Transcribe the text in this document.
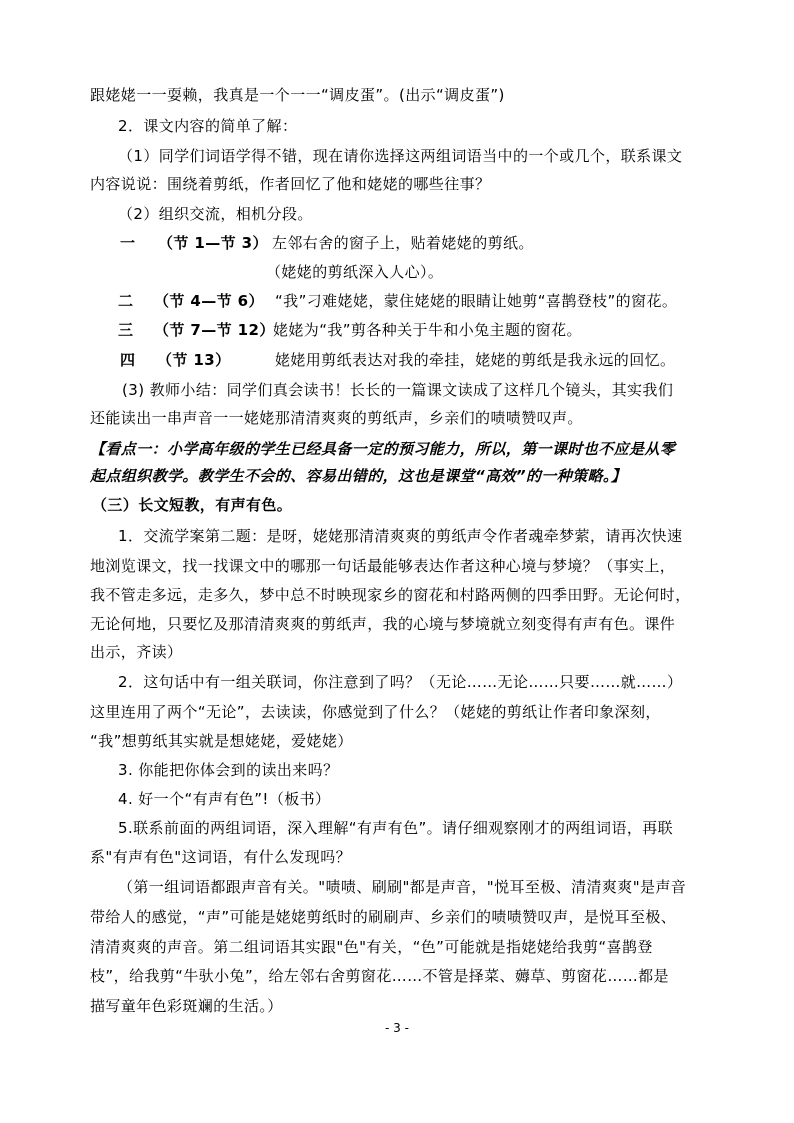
跟姥姥一一耍赖，我真是一个一一“调皮蛋”。(出示“调皮蛋”)
2．课文内容的简单了解：
（1）同学们词语学得不错，现在请你选择这两组词语当中的一个或几个，联系课文
内容说说：围绕着剪纸，作者回忆了他和姥姥的哪些往事？
（2）组织交流，相机分段。
一 （节 1—节 3） 左邻右舍的窗子上，贴着姥姥的剪纸。
（姥姥的剪纸深入人心）。
二 （节 4—节 6） “我”刁难姥姥，蒙住姥姥的眼睛让她剪“喜鹊登枝”的窗花。
三 （节 7—节 12）
姥姥为“我”剪各种关于牛和小兔主题的窗花。
四 （节 13）	姥姥用剪纸表达对我的牵挂，姥姥的剪纸是我永远的回忆。
(3) 教师小结：同学们真会读书！长长的一篇课文读成了这样几个镜头，其实我们
还能读出一串声音一一姥姥那清清爽爽的剪纸声，乡亲们的啧啧赞叹声。
【看点一：小学高年级的学生已经具备一定的预习能力，所以，第一课时也不应是从零
起点组织教学。教学生不会的、容易出错的，这也是课堂“高效”的一种策略。】
（三）长文短教，有声有色。
1．交流学案第二题：是呀，姥姥那清清爽爽的剪纸声令作者魂牵梦萦，请再次快速
地浏览课文，找一找课文中的哪那一句话最能够表达作者这种心境与梦境？（事实上，
我不管走多远，走多久，梦中总不时映现家乡的窗花和村路两侧的四季田野。无论何时，
无论何地，只要忆及那清清爽爽的剪纸声，我的心境与梦境就立刻变得有声有色。课件
出示，齐读）
2．这句话中有一组关联词，你注意到了吗？（无论……无论……只要……就……）
这里连用了两个“无论”，去读读，你感觉到了什么？（姥姥的剪纸让作者印象深刻，
“我”想剪纸其实就是想姥姥，爱姥姥）
3. 你能把你体会到的读出来吗？
4. 好一个“有声有色”!（板书）
5.联系前面的两组词语，深入理解“有声有色”。请仔细观察刚才的两组词语，再联
系"有声有色"这词语，有什么发现吗？
（第一组词语都跟声音有关。"啧啧、刷刷"都是声音，"悦耳至极、清清爽爽"是声音
带给人的感觉，“声”可能是姥姥剪纸时的刷刷声、乡亲们的啧啧赞叹声，是悦耳至极、
清清爽爽的声音。第二组词语其实跟"色"有关，“色”可能就是指姥姥给我剪“喜鹊登
枝”，给我剪“牛驮小兔”，给左邻右舍剪窗花……不管是择菜、薅草、剪窗花……都是
描写童年色彩斑斓的生活。）
- 3 -
